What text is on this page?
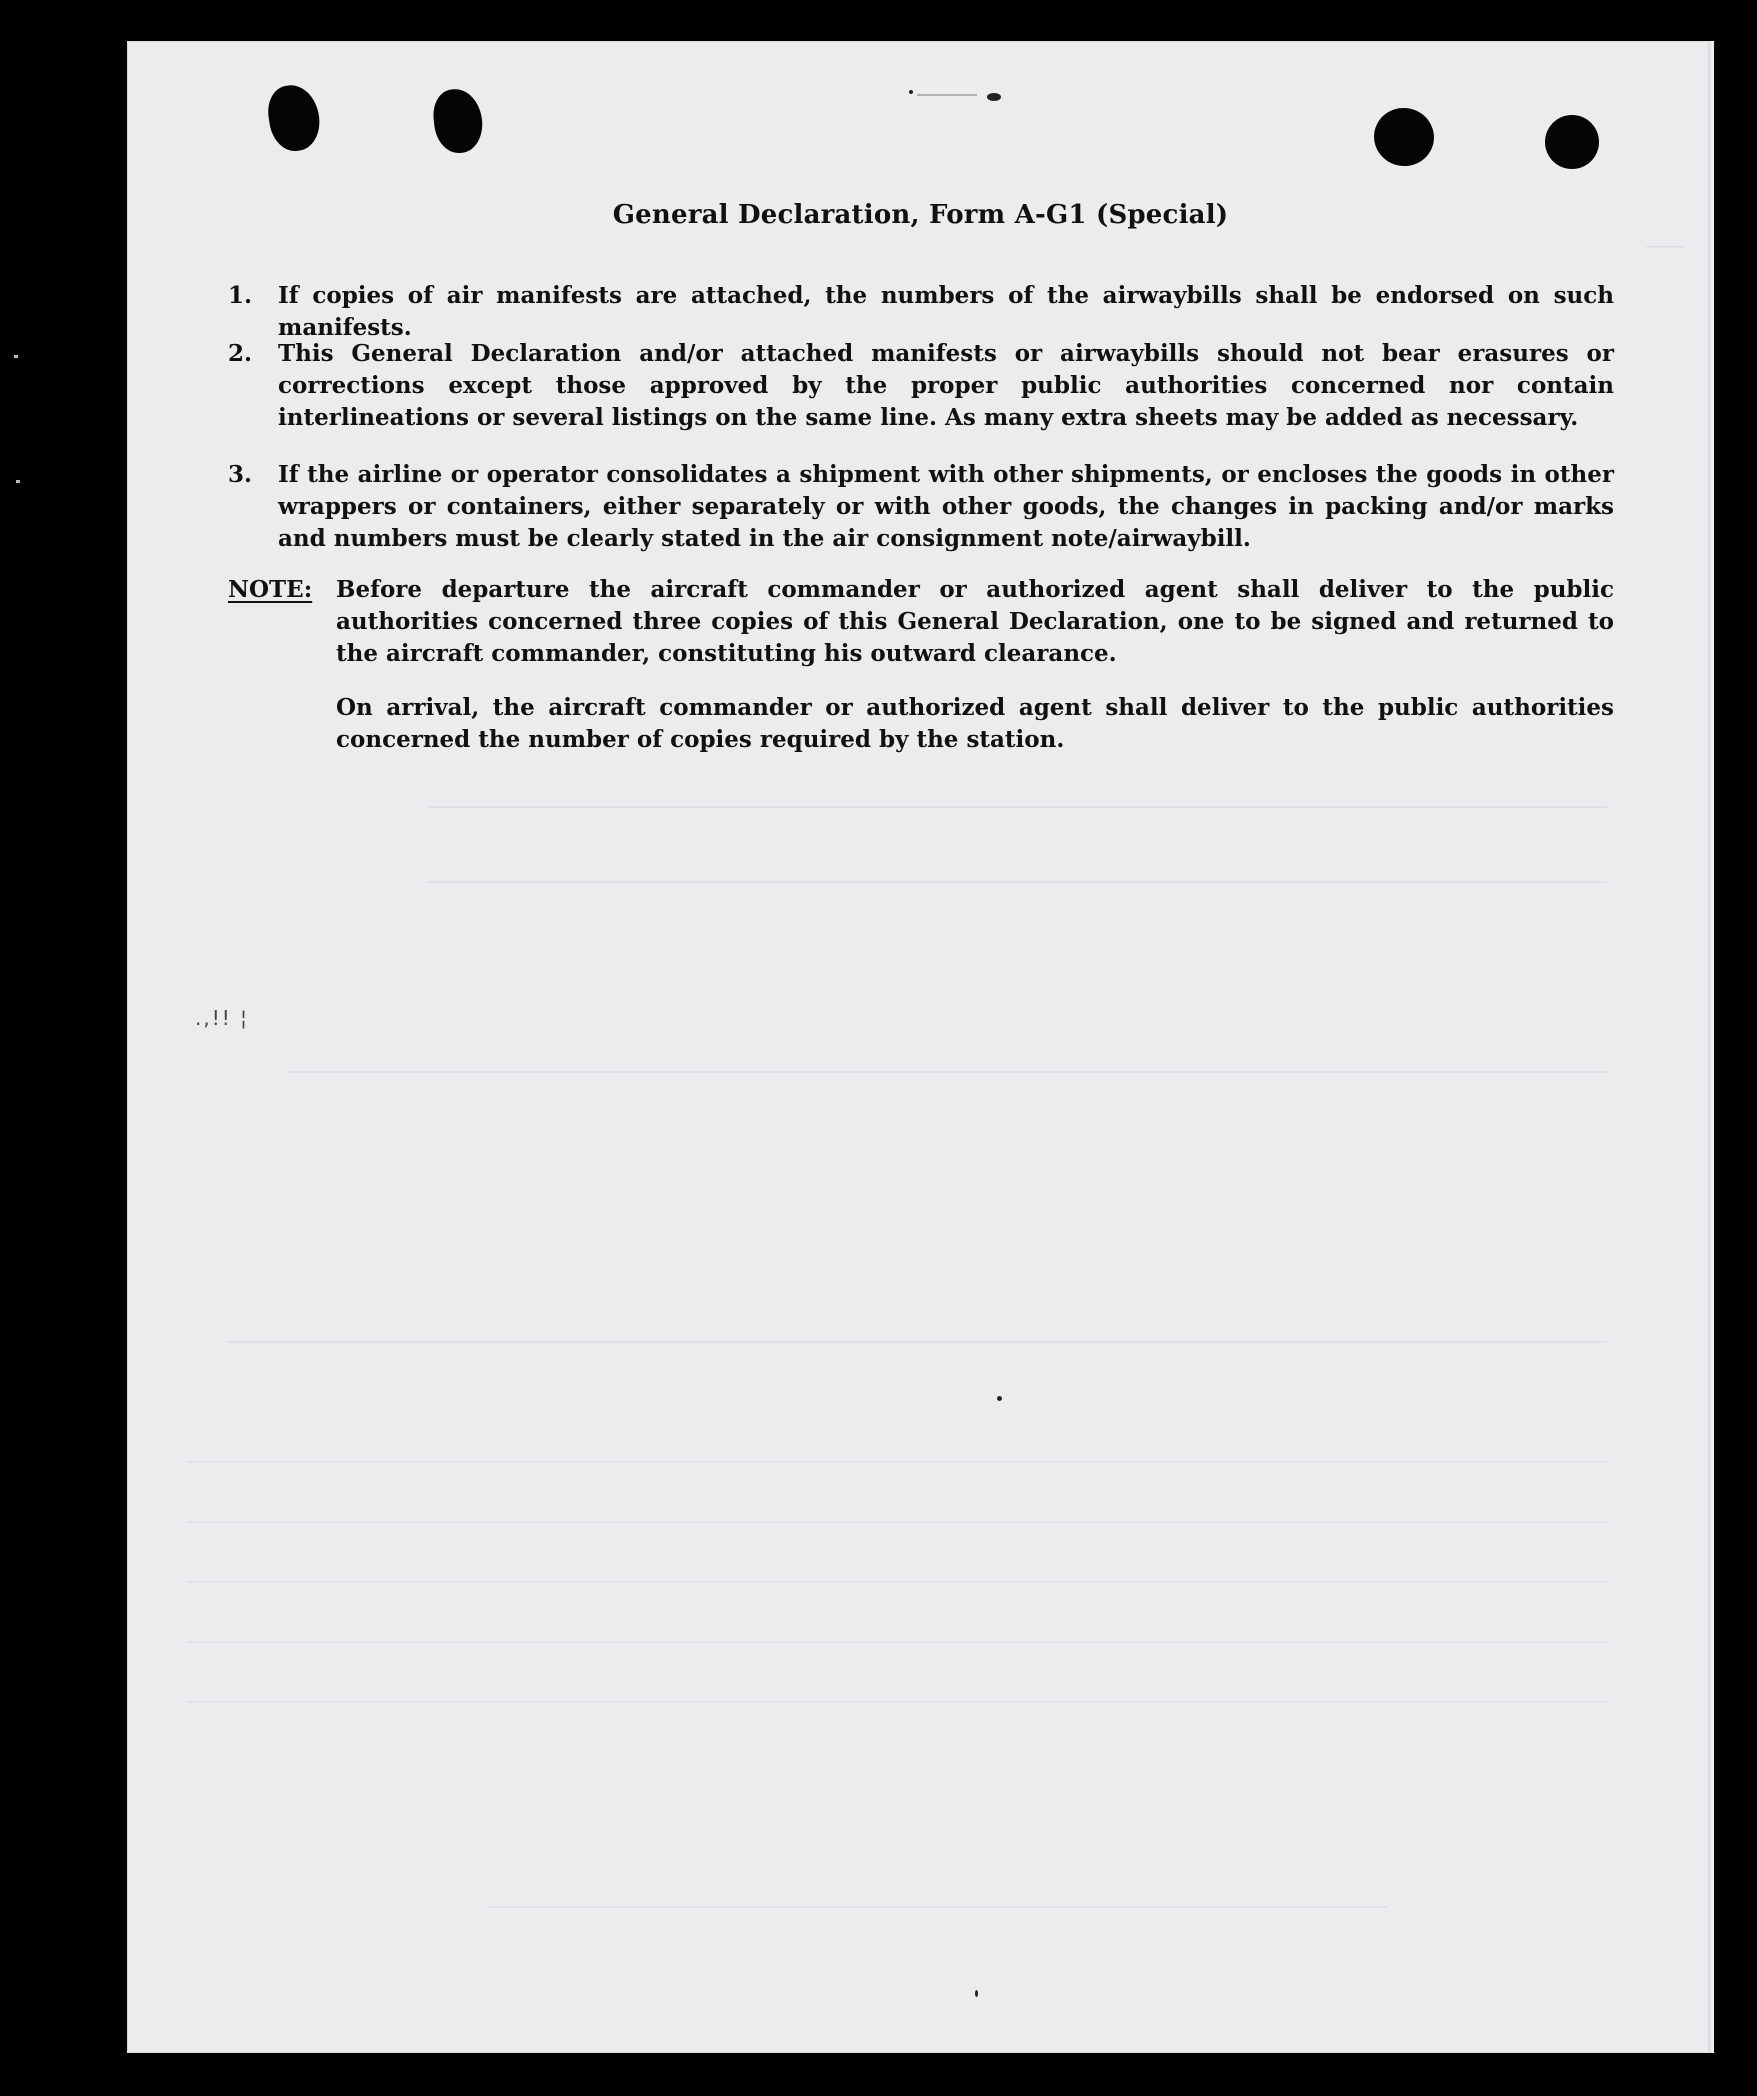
———
General Declaration, Form A-G1 (Special)
1.	If copies of air manifests are attached, the numbers of the airwaybills shall be endorsed on such manifests.
2.	This General Declaration and/or attached manifests or airwaybills should not bear erasures or corrections except those approved by the proper public authorities concerned nor contain interlineations or several listings on the same line. As many extra sheets may be added as necessary.
3.	If the airline or operator consolidates a shipment with other shipments, or encloses the goods in other wrappers or containers, either separately or with other goods, the changes in packing and/or marks and numbers must be clearly stated in the air consignment note/airwaybill.
NOTE:	Before departure the aircraft commander or authorized agent shall deliver to the public authorities concerned three copies of this General Declaration, one to be signed and returned to the aircraft commander, constituting his outward clearance.
On arrival, the aircraft commander or authorized agent shall deliver to the public authorities concerned the number of copies required by the station.
.,!! ¦
